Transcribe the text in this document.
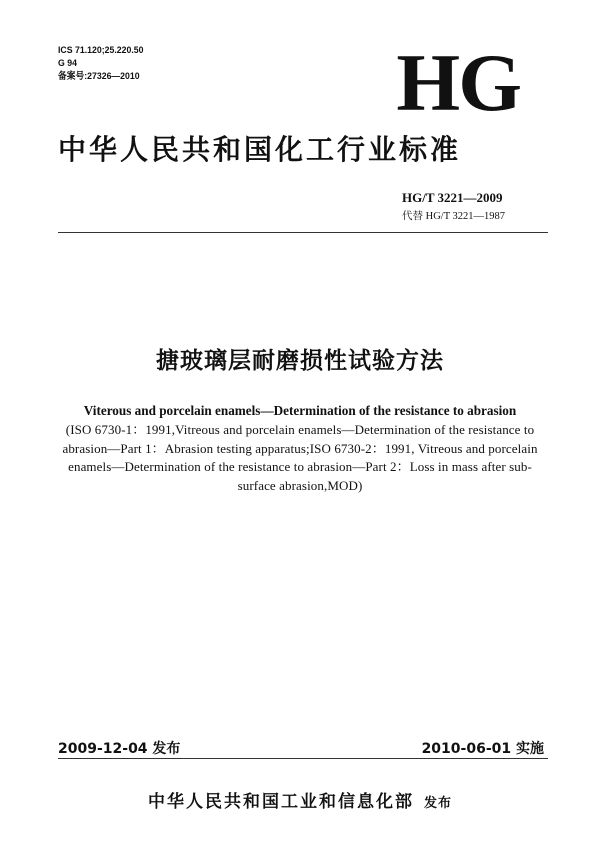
ICS 71.120;25.220.50
G 94
备案号:27326—2010	HG
中华人民共和国化工行业标准
HG/T 3221—2009
代替 HG/T 3221—1987
搪玻璃层耐磨损性试验方法
Viterous and porcelain enamels—Determination of the resistance to abrasion
(ISO 6730-1：1991,Vitreous and porcelain enamels—Determination of the resistance to abrasion—Part 1：Abrasion testing apparatus;ISO 6730-2：1991, Vitreous and porcelain enamels—Determination of the resistance to abrasion—Part 2：Loss in mass after sub-surface abrasion,MOD)
2009-12-04 发布	2010-06-01 实施
中华人民共和国工业和信息化部 发布
